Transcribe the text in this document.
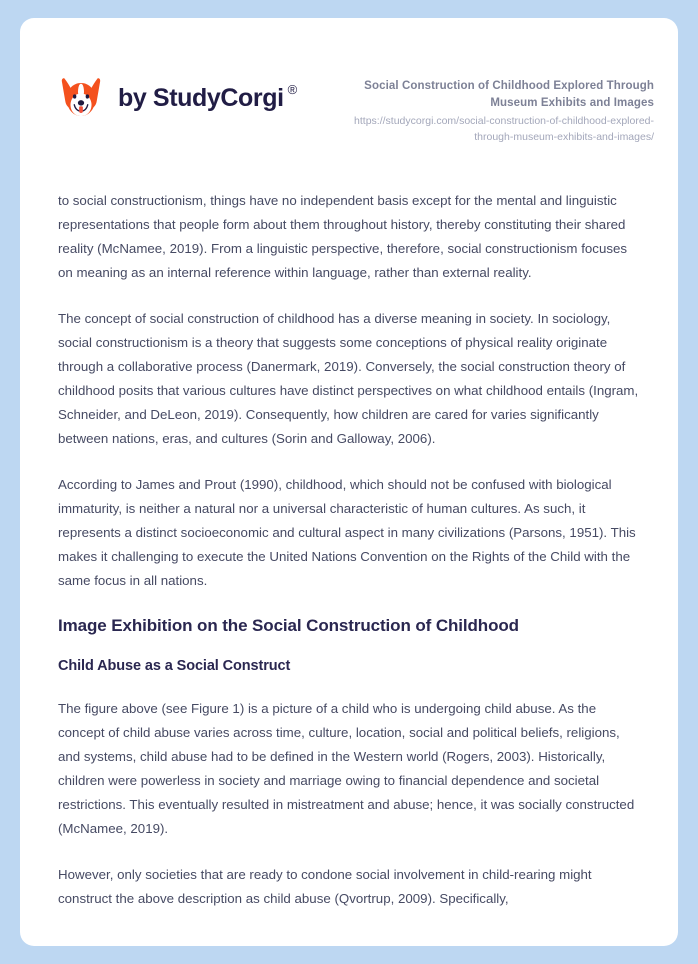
by StudyCorgi ®	Social Construction of Childhood Explored Through Museum Exhibits and Images
https://studycorgi.com/social-construction-of-childhood-explored-through-museum-exhibits-and-images/

to social constructionism, things have no independent basis except for the mental and linguistic representations that people form about them throughout history, thereby constituting their shared reality (McNamee, 2019). From a linguistic perspective, therefore, social constructionism focuses on meaning as an internal reference within language, rather than external reality.

The concept of social construction of childhood has a diverse meaning in society. In sociology, social constructionism is a theory that suggests some conceptions of physical reality originate through a collaborative process (Danermark, 2019). Conversely, the social construction theory of childhood posits that various cultures have distinct perspectives on what childhood entails (Ingram, Schneider, and DeLeon, 2019). Consequently, how children are cared for varies significantly between nations, eras, and cultures (Sorin and Galloway, 2006).

According to James and Prout (1990), childhood, which should not be confused with biological immaturity, is neither a natural nor a universal characteristic of human cultures. As such, it represents a distinct socioeconomic and cultural aspect in many civilizations (Parsons, 1951). This makes it challenging to execute the United Nations Convention on the Rights of the Child with the same focus in all nations.

Image Exhibition on the Social Construction of Childhood
Child Abuse as a Social Construct

The figure above (see Figure 1) is a picture of a child who is undergoing child abuse. As the concept of child abuse varies across time, culture, location, social and political beliefs, religions, and systems, child abuse had to be defined in the Western world (Rogers, 2003). Historically, children were powerless in society and marriage owing to financial dependence and societal restrictions. This eventually resulted in mistreatment and abuse; hence, it was socially constructed (McNamee, 2019).

However, only societies that are ready to condone social involvement in child-rearing might construct the above description as child abuse (Qvortrup, 2009). Specifically,
